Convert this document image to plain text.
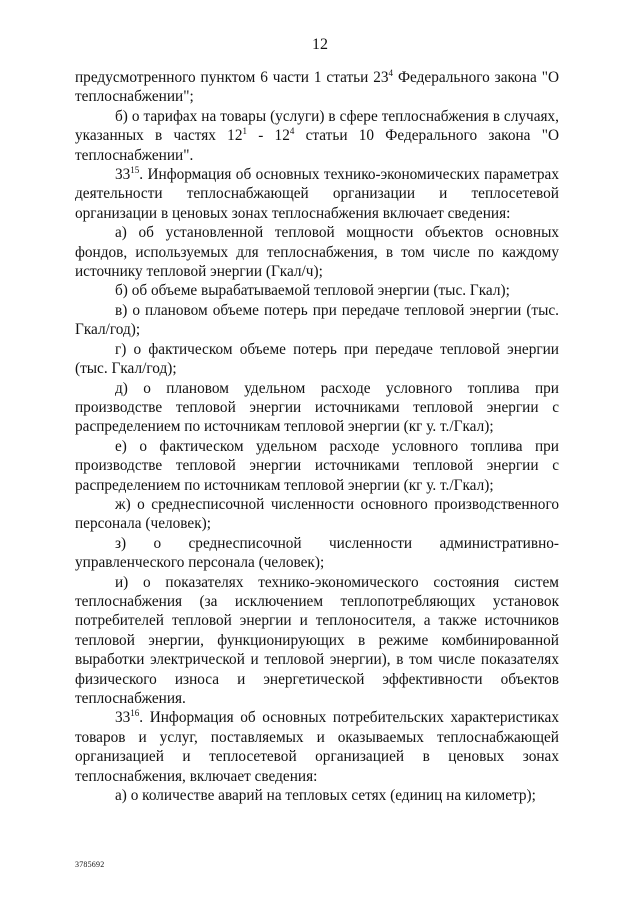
12

предусмотренного пунктом 6 части 1 статьи $23^4$ Федерального закона "О теплоснабжении";

б) о тарифах на товары (услуги) в сфере теплоснабжения в случаях, указанных в частях $12^1 - 12^4$ статьи 10 Федерального закона "О теплоснабжении".

$33^{15}$. Информация об основных технико-экономических параметрах деятельности теплоснабжающей организации и теплосетевой организации в ценовых зонах теплоснабжения включает сведения:

а) об установленной тепловой мощности объектов основных фондов, используемых для теплоснабжения, в том числе по каждому источнику тепловой энергии (Гкал/ч);

б) об объеме вырабатываемой тепловой энергии (тыс. Гкал);

в) о плановом объеме потерь при передаче тепловой энергии (тыс. Гкал/год);

г) о фактическом объеме потерь при передаче тепловой энергии (тыс. Гкал/год);

д) о плановом удельном расходе условного топлива при производстве тепловой энергии источниками тепловой энергии с распределением по источникам тепловой энергии (кг у. т./Гкал);

е) о фактическом удельном расходе условного топлива при производстве тепловой энергии источниками тепловой энергии с распределением по источникам тепловой энергии (кг у. т./Гкал);

ж) о среднесписочной численности основного производственного персонала (человек);

з) о среднесписочной численности административно-управленческого персонала (человек);

и) о показателях технико-экономического состояния систем теплоснабжения (за исключением теплопотребляющих установок потребителей тепловой энергии и теплоносителя, а также источников тепловой энергии, функционирующих в режиме комбинированной выработки электрической и тепловой энергии), в том числе показателях физического износа и энергетической эффективности объектов теплоснабжения.

$33^{16}$. Информация об основных потребительских характеристиках товаров и услуг, поставляемых и оказываемых теплоснабжающей организацией и теплосетевой организацией в ценовых зонах теплоснабжения, включает сведения:

а) о количестве аварий на тепловых сетях (единиц на километр);

3785692
